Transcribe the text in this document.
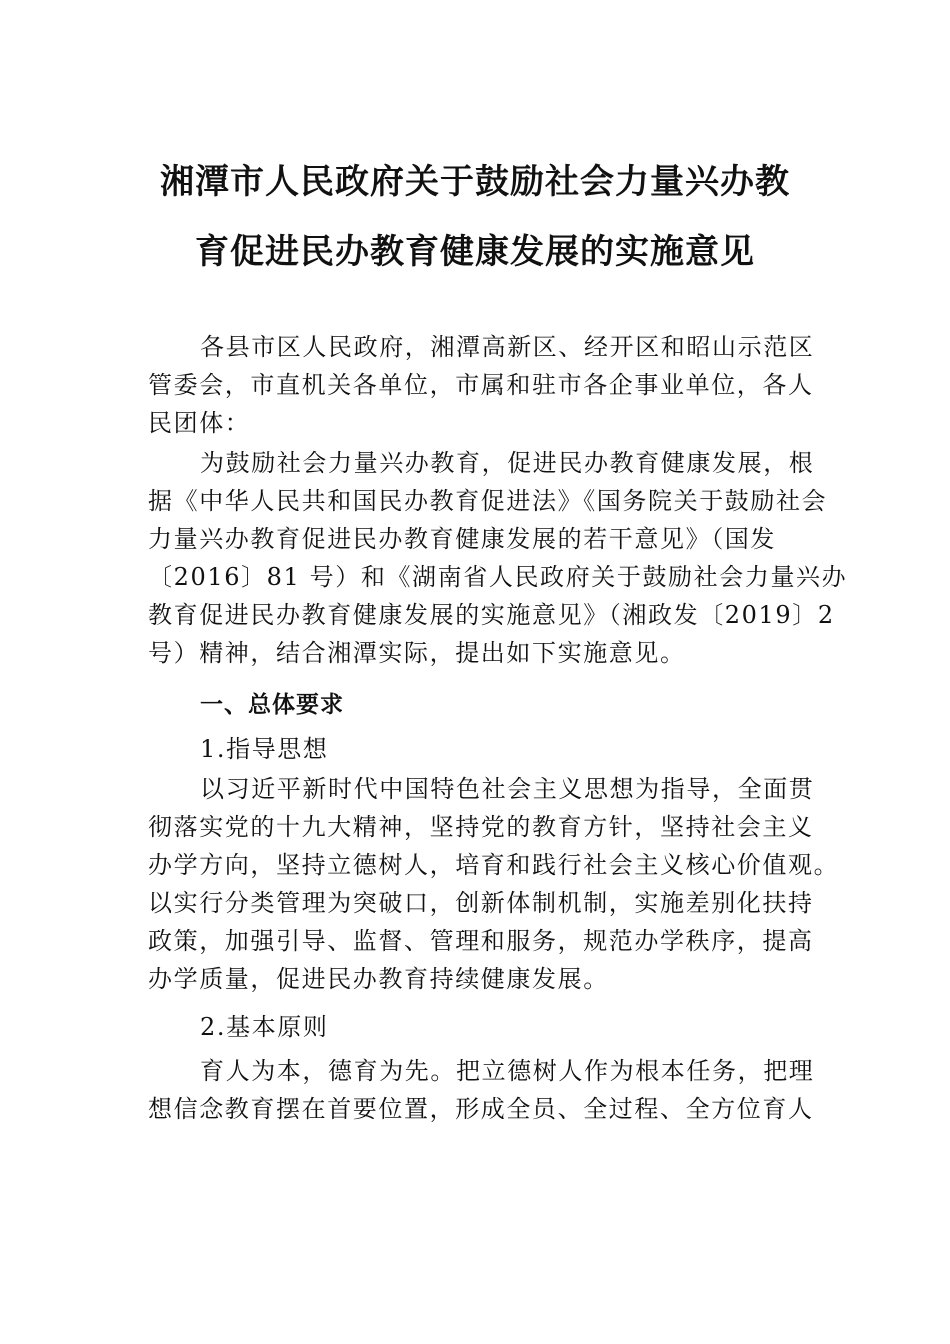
湘潭市人民政府关于鼓励社会力量兴办教
育促进民办教育健康发展的实施意见
各县市区人民政府，湘潭高新区、经开区和昭山示范区
管委会，市直机关各单位，市属和驻市各企事业单位，各人
民团体：
为鼓励社会力量兴办教育，促进民办教育健康发展，根
据《中华人民共和国民办教育促进法》《国务院关于鼓励社会
力量兴办教育促进民办教育健康发展的若干意见》（国发
〔2016〕81 号）和《湖南省人民政府关于鼓励社会力量兴办
教育促进民办教育健康发展的实施意见》（湘政发〔2019〕2
号）精神，结合湘潭实际，提出如下实施意见。
一、总体要求
1.指导思想
以习近平新时代中国特色社会主义思想为指导，全面贯
彻落实党的十九大精神，坚持党的教育方针，坚持社会主义
办学方向，坚持立德树人，培育和践行社会主义核心价值观。
以实行分类管理为突破口，创新体制机制，实施差别化扶持
政策，加强引导、监督、管理和服务，规范办学秩序，提高
办学质量，促进民办教育持续健康发展。
2.基本原则
育人为本，德育为先。把立德树人作为根本任务，把理
想信念教育摆在首要位置，形成全员、全过程、全方位育人
